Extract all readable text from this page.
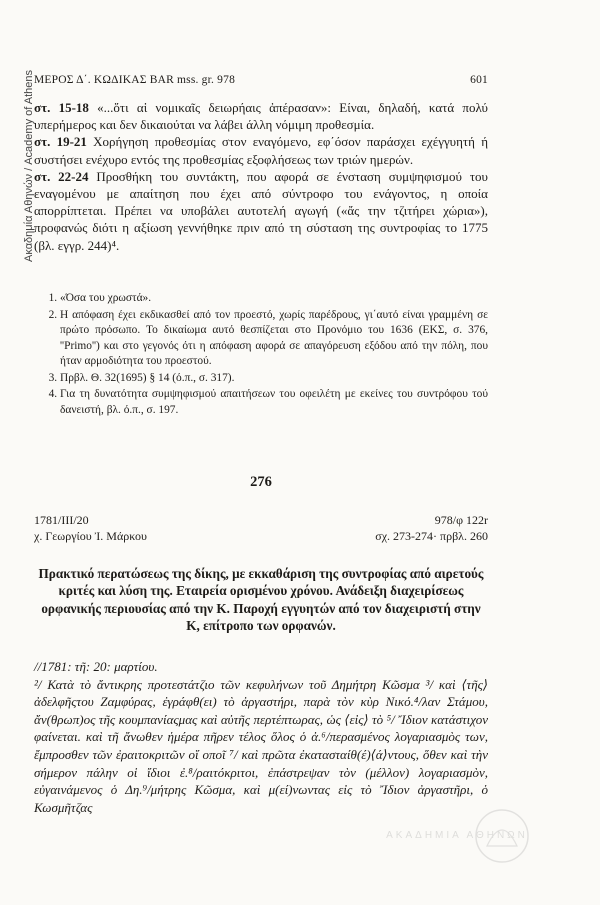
Ακαδημία Αθηνών / Academy of Athens ΜΕΡΟΣ Δ΄. ΚΩΔΙΚΑΣ BAR mss. gr. 978	601

στ. 15-18 «...ὅτι αἱ νομικαῖς δειωρήαις ἀπέρασαν»: Είναι, δηλαδή, κατά πολύ υπερήμερος και δεν δικαιούται να λάβει άλλη νόμιμη προθεσμία.

στ. 19-21 Χορήγηση προθεσμίας στον εναγόμενο, εφ΄όσον παράσχει εχέγγυητή ή συστήσει ενέχυρο εντός της προθεσμίας εξοφλήσεως των τριών ημερών.

στ. 22-24 Προσθήκη του συντάκτη, που αφορά σε ένσταση συμψηφισμού του εναγομένου με απαίτηση που έχει από σύντροφο του ενάγοντος, η οποία απορρίπτεται. Πρέπει να υποβάλει αυτοτελή αγωγή («ἄς την τζιτήρει χώρια»), προφανώς διότι η αξίωση γεννήθηκε πριν από τη σύσταση της συντροφίας το 1775 (βλ. εγγρ. 244)⁴.

1. «Όσα του χρωστά».
2. Η απόφαση έχει εκδικασθεί από τον προεστό, χωρίς παρέδρους, γι΄αυτό είναι γραμμένη σε πρώτο πρόσωπο. Το δικαίωμα αυτό θεσπίζεται στο Προνόμιο του 1636 (ΕΚΣ, σ. 376, ''Primo'') και στο γεγονός ότι η απόφαση αφορά σε απαγόρευση εξόδου από την πόλη, που ήταν αρμοδιότητα του προεστού.
3. Πρβλ. Θ. 32(1695) § 14 (ό.π., σ. 317).
4. Για τη δυνατότητα συμψηφισμού απαιτήσεων του οφειλέτη με εκείνες του συντρόφου τού δανειστή, βλ. ό.π., σ. 197.
276
1781/III/20	978/φ 122r
χ. Γεωργίου Ἰ. Μάρκου	σχ. 273-274· πρβλ. 260
Πρακτικό περατώσεως της δίκης, με εκκαθάριση της συντροφίας από αιρετούς κριτές και λύση της. Εταιρεία ορισμένου χρόνου. Ανάδειξη διαχειρίσεως ορφανικής περιουσίας από την Κ. Παροχή εγγυητών από τον διαχειριστή στην Κ, επίτροπο των ορφανών.

//1781: τῆ: 20: μαρτίου.

²/ Κατὰ τὸ ἄντικρης προτεστάτζιο τῶν κεφυλήνων τοῦ Δημήτρη Κῶσμα ³/ καὶ ⟨τῆς⟩ ἀδελφῆςτου Ζαμφύρας, ἐγράφθ(ει) τὸ ἀργαστήρι, παρὰ τὸν κὺρ Νικό.⁴/λαν Στάμου, ἄν(θρωπ)ος τῆς κουμπανίαςμας καὶ αὐτῆς περτέπτωρας, ὡς ⟨εἰς⟩ τὸ ⁵/ Ἴδιον κατάστιχον φαίνεται. καὶ τῆ ἄνωθεν ἡμέρα πῆρεν τέλος ὅλος ὁ ἀ.⁶/περασμένος λογαριασμὸς των, ἔμπροσθεν τῶν ἐραιτοκριτῶν οἵ οποῖ ⁷/ καὶ πρῶτα ἐκατασταίθ(έ)⟨ά⟩ντους, ὅθεν καὶ τὴν σήμερον πάλην οἱ ἴδιοι ἐ.⁸/ραιτόκριτοι, ἐπάστρεψαν τὸν (μέλλον) λογαριασμὸν, εὐγαινάμενος ὁ Δη.⁹/μήτρης Κῶσμα, καὶ μ(εί)νωντας εἰς τὸ Ἴδιον ἀργαστῆρι, ὁ Κωσμῆτζας

ΑΚΑΔΗΜΙΑ ΑΘΗΝΩΝ
